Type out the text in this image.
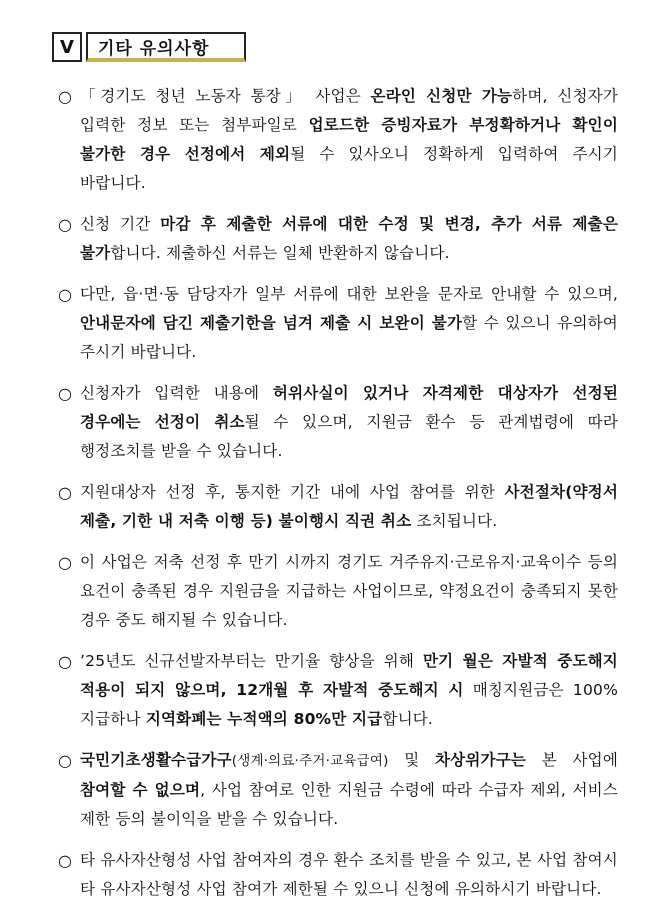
V	기타 유의사항
○ 「경기도 청년 노동자 통장」 사업은 온라인 신청만 가능하며, 신청자가 입력한 정보 또는 첨부파일로 업로드한 증빙자료가 부정확하거나 확인이 불가한 경우 선정에서 제외될 수 있사오니 정확하게 입력하여 주시기 바랍니다.
○ 신청 기간 마감 후 제출한 서류에 대한 수정 및 변경, 추가 서류 제출은 불가합니다. 제출하신 서류는 일체 반환하지 않습니다.
○ 다만, 읍·면·동 담당자가 일부 서류에 대한 보완을 문자로 안내할 수 있으며, 안내문자에 담긴 제출기한을 넘겨 제출 시 보완이 불가할 수 있으니 유의하여 주시기 바랍니다.
○ 신청자가 입력한 내용에 허위사실이 있거나 자격제한 대상자가 선정된 경우에는 선정이 취소될 수 있으며, 지원금 환수 등 관계법령에 따라 행정조치를 받을 수 있습니다.
○ 지원대상자 선정 후, 통지한 기간 내에 사업 참여를 위한 사전절차(약정서 제출, 기한 내 저축 이행 등) 불이행시 직권 취소 조치됩니다.
○ 이 사업은 저축 선정 후 만기 시까지 경기도 거주유지·근로유지·교육이수 등의 요건이 충족된 경우 지원금을 지급하는 사업이므로, 약정요건이 충족되지 못한 경우 중도 해지될 수 있습니다.
○ ’25년도 신규선발자부터는 만기율 향상을 위해 만기 월은 자발적 중도해지 적용이 되지 않으며, 12개월 후 자발적 중도해지 시 매칭지원금은 100% 지급하나 지역화폐는 누적액의 80%만 지급합니다.
○ 국민기초생활수급가구(생계·의료·주거·교육급여) 및 차상위가구는 본 사업에 참여할 수 없으며, 사업 참여로 인한 지원금 수령에 따라 수급자 제외, 서비스 제한 등의 불이익을 받을 수 있습니다.
○ 타 유사자산형성 사업 참여자의 경우 환수 조치를 받을 수 있고, 본 사업 참여시 타 유사자산형성 사업 참여가 제한될 수 있으니 신청에 유의하시기 바랍니다.
